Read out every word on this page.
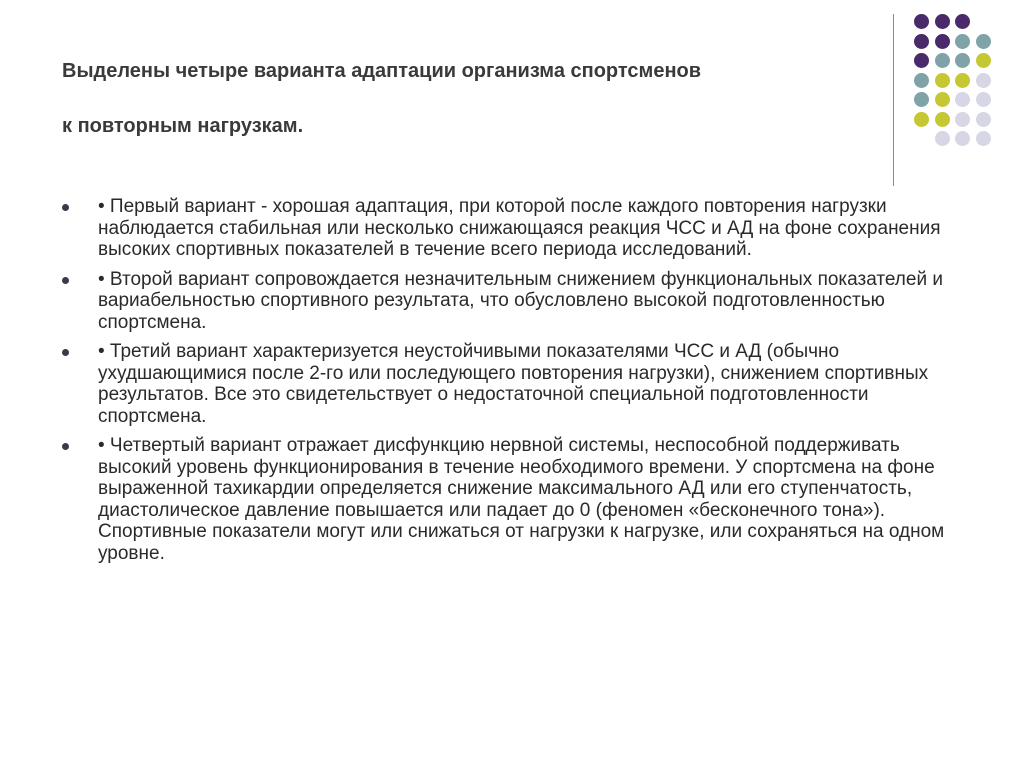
Выделены четыре варианта адаптации организма спортсменов
к повторным нагрузкам.
• Первый вариант - хорошая адаптация, при которой после каждого повторения нагрузки наблюдается стабильная или несколько снижающаяся реакция ЧСС и АД на фоне сохранения высоких спортивных показателей в течение всего периода исследований.
• Второй вариант сопровождается незначительным снижением функциональных показателей и вариабельностью спортивного результата, что обусловлено высокой подготовленностью спортсмена.
• Третий вариант характеризуется неустойчивыми показателями ЧСС и АД (обычно ухудшающимися после 2-го или последующего повторения нагрузки), снижением спортивных результатов. Все это свидетельствует о недостаточной специальной подготовленности спортсмена.
• Четвертый вариант отражает дисфункцию нервной системы, неспособной поддерживать высокий уровень функционирования в течение необходимого времени. У спортсмена на фоне выраженной тахикардии определяется снижение максимального АД или его ступенчатость, диастолическое давление повышается или падает до 0 (феномен «бесконечного тона»). Спортивные показатели могут или снижаться от нагрузки к нагрузке, или сохраняться на одном уровне.
